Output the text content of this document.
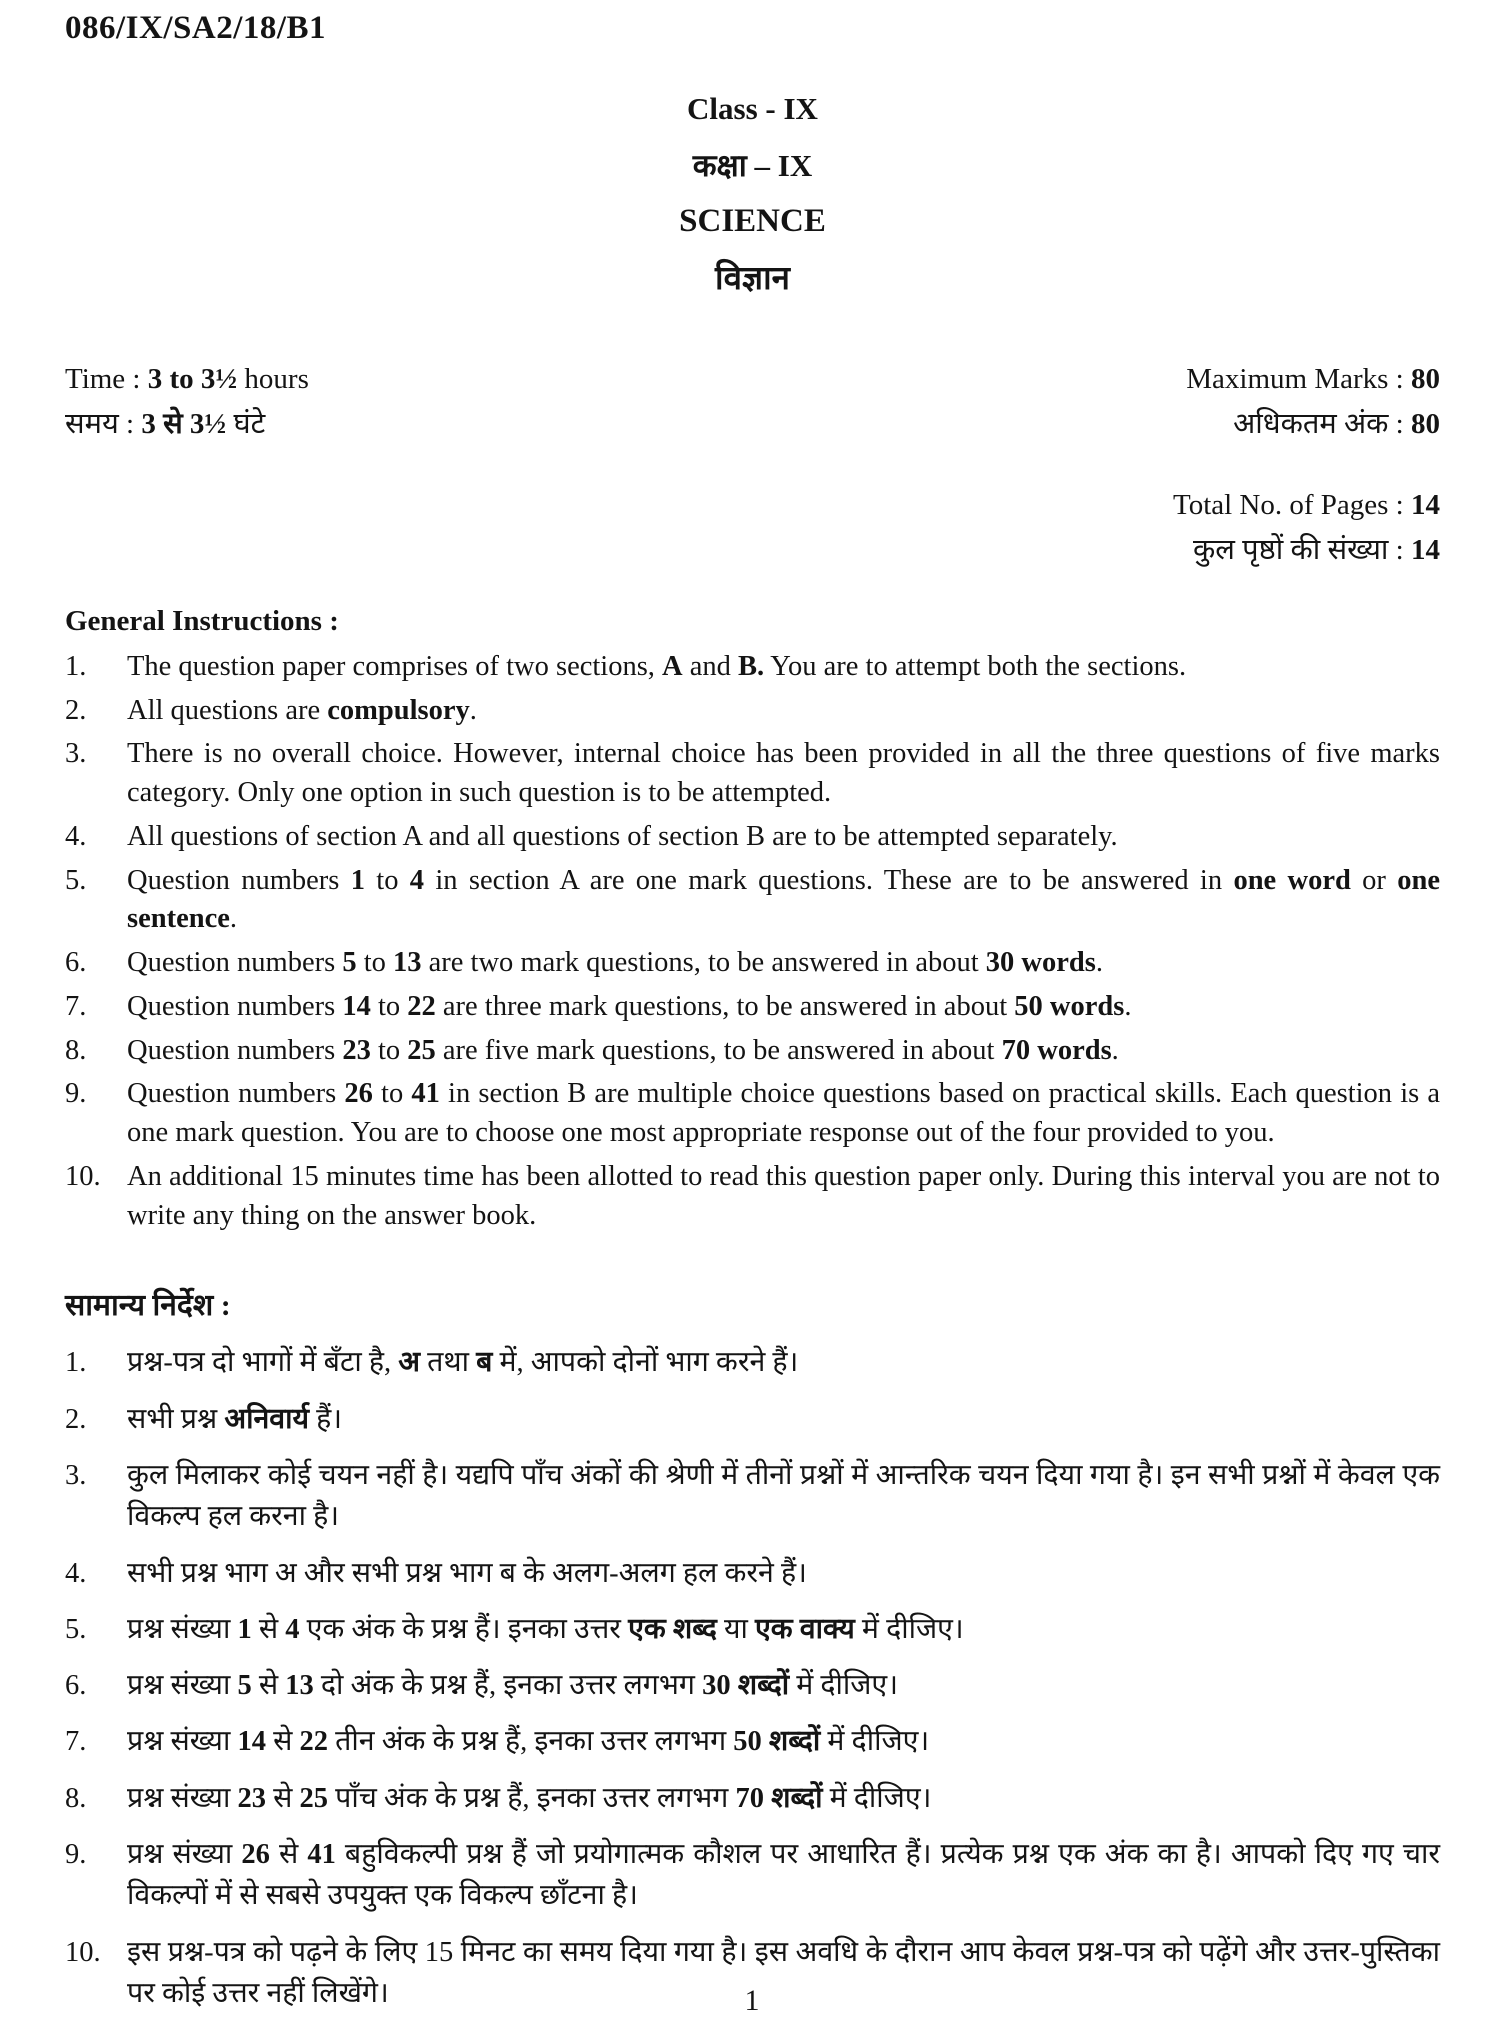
086/IX/SA2/18/B1
Class - IX
कक्षा – IX
SCIENCE
विज्ञान
Time : 3 to 3½ hours
समय : 3 से 3½ घंटे
Maximum Marks : 80
अधिकतम अंक : 80
Total No. of Pages : 14
कुल पृष्ठों की संख्या : 14
General Instructions :
1.	The question paper comprises of two sections, A and B. You are to attempt both the sections.
2.	All questions are compulsory.
3.	There is no overall choice. However, internal choice has been provided in all the three questions of five marks category. Only one option in such question is to be attempted.
4.	All questions of section A and all questions of section B are to be attempted separately.
5.	Question numbers 1 to 4 in section A are one mark questions. These are to be answered in one word or one sentence.
6.	Question numbers 5 to 13 are two mark questions, to be answered in about 30 words.
7.	Question numbers 14 to 22 are three mark questions, to be answered in about 50 words.
8.	Question numbers 23 to 25 are five mark questions, to be answered in about 70 words.
9.	Question numbers 26 to 41 in section B are multiple choice questions based on practical skills. Each question is a one mark question. You are to choose one most appropriate response out of the four provided to you.
10. An additional 15 minutes time has been allotted to read this question paper only. During this interval you are not to write any thing on the answer book.
सामान्य निर्देश :
1.	प्रश्न-पत्र दो भागों में बँटा है, अ तथा ब में, आपको दोनों भाग करने हैं।
2.	सभी प्रश्न अनिवार्य हैं।
3.	कुल मिलाकर कोई चयन नहीं है। यद्यपि पाँच अंकों की श्रेणी में तीनों प्रश्नों में आन्तरिक चयन दिया गया है। इन सभी प्रश्नों में केवल एक विकल्प हल करना है।
4.	सभी प्रश्न भाग अ और सभी प्रश्न भाग ब के अलग-अलग हल करने हैं।
5.	प्रश्न संख्या 1 से 4 एक अंक के प्रश्न हैं। इनका उत्तर एक शब्द या एक वाक्य में दीजिए।
6.	प्रश्न संख्या 5 से 13 दो अंक के प्रश्न हैं, इनका उत्तर लगभग 30 शब्दों में दीजिए।
7.	प्रश्न संख्या 14 से 22 तीन अंक के प्रश्न हैं, इनका उत्तर लगभग 50 शब्दों में दीजिए।
8.	प्रश्न संख्या 23 से 25 पाँच अंक के प्रश्न हैं, इनका उत्तर लगभग 70 शब्दों में दीजिए।
9.	प्रश्न संख्या 26 से 41 बहुविकल्पी प्रश्न हैं जो प्रयोगात्मक कौशल पर आधारित हैं। प्रत्येक प्रश्न एक अंक का है। आपको दिए गए चार विकल्पों में से सबसे उपयुक्त एक विकल्प छाँटना है।
10. इस प्रश्न-पत्र को पढ़ने के लिए 15 मिनट का समय दिया गया है। इस अवधि के दौरान आप केवल प्रश्न-पत्र को पढ़ेंगे और उत्तर-पुस्तिका पर कोई उत्तर नहीं लिखेंगे।	1
